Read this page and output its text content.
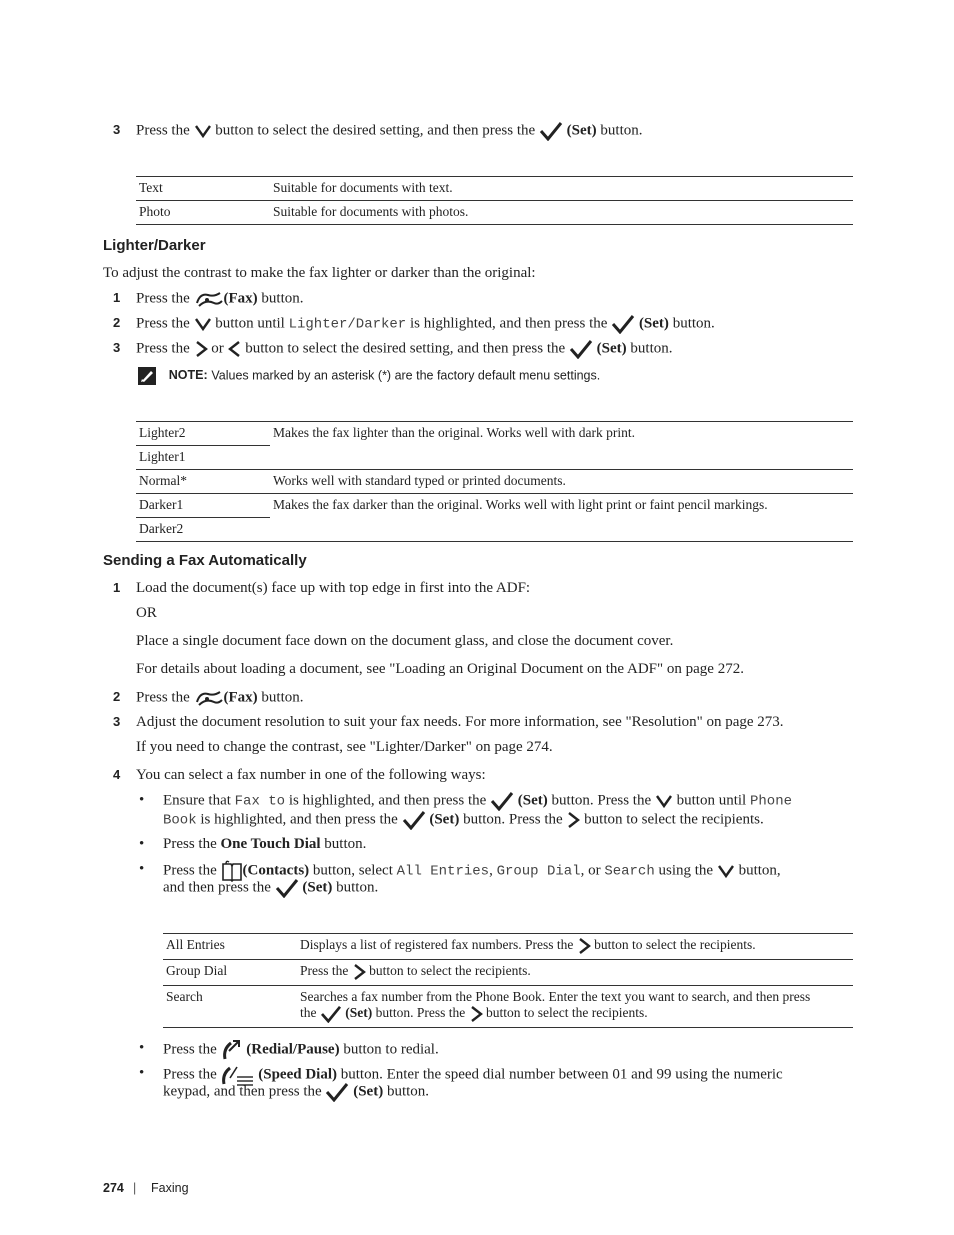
3 Press the button to select the desired setting, and then press the (Set) button.
Text	Suitable for documents with text.
Photo	Suitable for documents with photos.
Lighter/Darker
To adjust the contrast to make the fax lighter or darker than the original:
1 Press the (Fax) button.
2 Press the button until Lighter/Darker is highlighted, and then press the (Set) button.
3 Press the or button to select the desired setting, and then press the (Set) button.
NOTE: Values marked by an asterisk (*) are the factory default menu settings.
Lighter2	Makes the fax lighter than the original. Works well with dark print.
Lighter1	
Normal*	Works well with standard typed or printed documents.
Darker1	Makes the fax darker than the original. Works well with light print or faint pencil markings.
Darker2	
Sending a Fax Automatically
1 Load the document(s) face up with top edge in first into the ADF:
OR
Place a single document face down on the document glass, and close the document cover.
For details about loading a document, see "Loading an Original Document on the ADF" on page 272.
2 Press the (Fax) button.
3 Adjust the document resolution to suit your fax needs. For more information, see "Resolution" on page 273.
If you need to change the contrast, see "Lighter/Darker" on page 274.
4 You can select a fax number in one of the following ways:
• Ensure that Fax to is highlighted, and then press the (Set) button. Press the button until Phone
Book is highlighted, and then press the (Set) button. Press the button to select the recipients.
• Press the One Touch Dial button.
• Press the (Contacts) button, select All Entries, Group Dial, or Search using the button,
and then press the (Set) button.
All Entries	Displays a list of registered fax numbers. Press the button to select the recipients.
Group Dial	Press the button to select the recipients.
Search	Searches a fax number from the Phone Book. Enter the text you want to search, and then press
the (Set) button. Press the button to select the recipients.
• Press the (Redial/Pause) button to redial.
• Press the	(Speed Dial) button. Enter the speed dial number between 01 and 99 using the numeric
keypad, and then press the (Set) button.
274 | Faxing
